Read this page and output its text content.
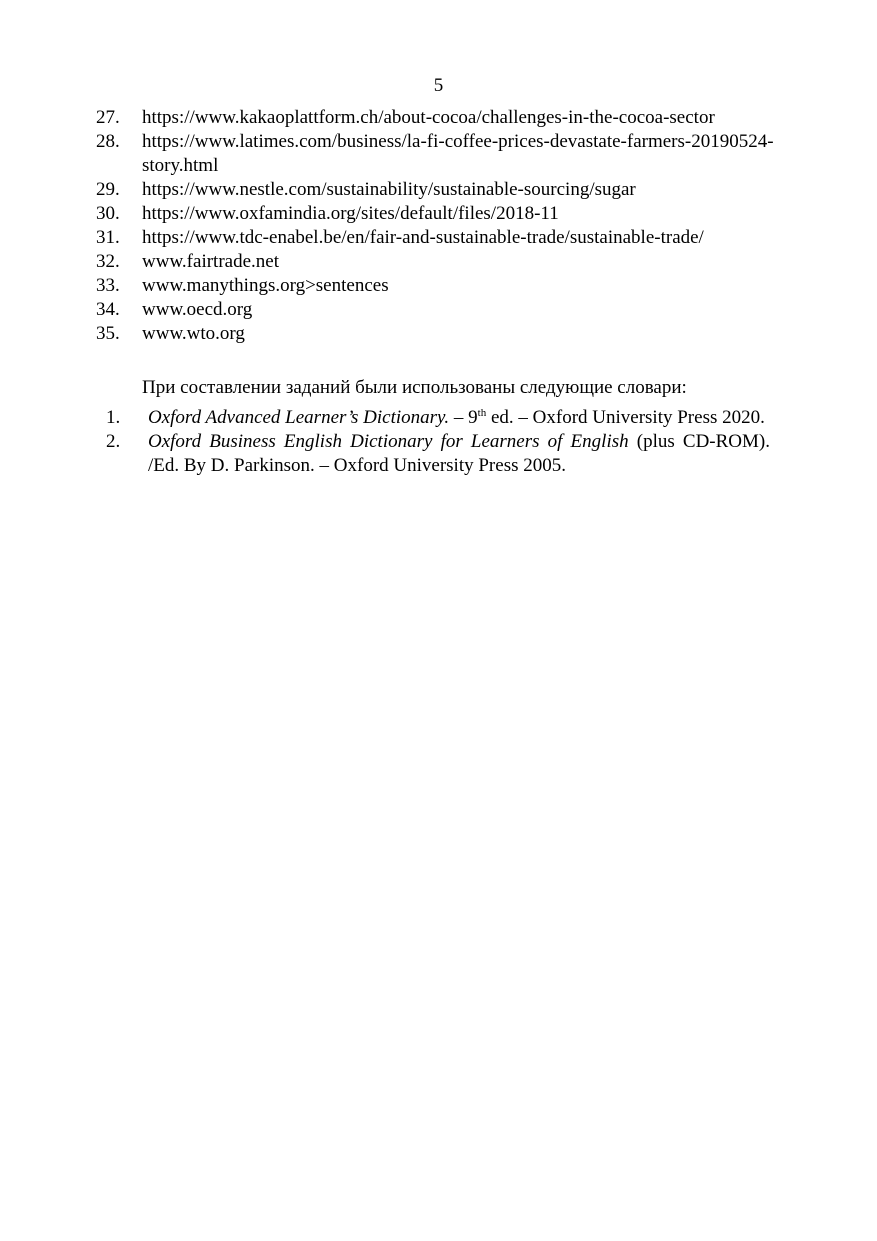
5
27.	https://www.kakaoplattform.ch/about-cocoa/challenges-in-the-cocoa-sector
28.	https://www.latimes.com/business/la-fi-coffee-prices-devastate-farmers-20190524-story.html
29.	https://www.nestle.com/sustainability/sustainable-sourcing/sugar
30.	https://www.oxfamindia.org/sites/default/files/2018-11
31.	https://www.tdc-enabel.be/en/fair-and-sustainable-trade/sustainable-trade/
32.	www.fairtrade.net
33.	www.manythings.org>sentences
34.	www.oecd.org
35.	www.wto.org
При составлении заданий были использованы следующие словари:
1.	Oxford Advanced Learner’s Dictionary. – 9th ed. – Oxford University Press 2020.
2.	Oxford Business English Dictionary for Learners of English (plus CD-ROM). /Ed. By D. Parkinson. – Oxford University Press 2005.
